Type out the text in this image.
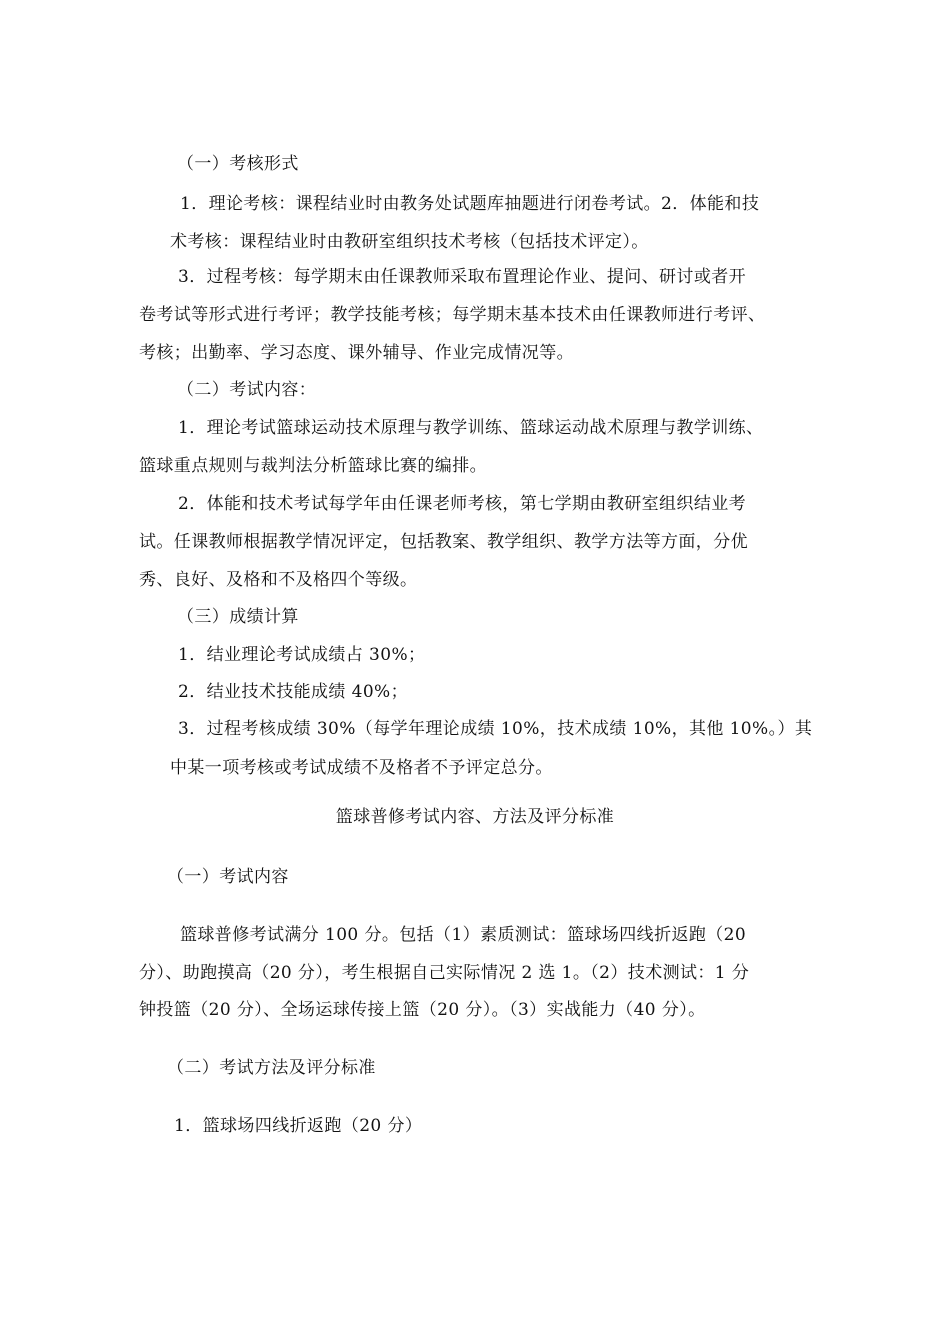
（一）考核形式
1．理论考核：课程结业时由教务处试题库抽题进行闭卷考试。2．体能和技
术考核：课程结业时由教研室组织技术考核（包括技术评定）。
3．过程考核：每学期末由任课教师采取布置理论作业、提问、研讨或者开
卷考试等形式进行考评；教学技能考核；每学期末基本技术由任课教师进行考评、
考核；出勤率、学习态度、课外辅导、作业完成情况等。
（二）考试内容：
1．理论考试篮球运动技术原理与教学训练、篮球运动战术原理与教学训练、
篮球重点规则与裁判法分析篮球比赛的编排。
2．体能和技术考试每学年由任课老师考核，第七学期由教研室组织结业考
试。任课教师根据教学情况评定，包括教案、教学组织、教学方法等方面，分优
秀、良好、及格和不及格四个等级。
（三）成绩计算
1．结业理论考试成绩占 30%；
2．结业技术技能成绩 40%；
3．过程考核成绩 30%（每学年理论成绩 10%，技术成绩 10%，其他 10%。）其
中某一项考核或考试成绩不及格者不予评定总分。
篮球普修考试内容、方法及评分标准
（一）考试内容
篮球普修考试满分 100 分。包括（1）素质测试：篮球场四线折返跑（20
分）、助跑摸高（20 分），考生根据自己实际情况 2 选 1。（2）技术测试：1 分
钟投篮（20 分）、全场运球传接上篮（20 分）。（3）实战能力（40 分）。
（二）考试方法及评分标准
1．篮球场四线折返跑（20 分）
